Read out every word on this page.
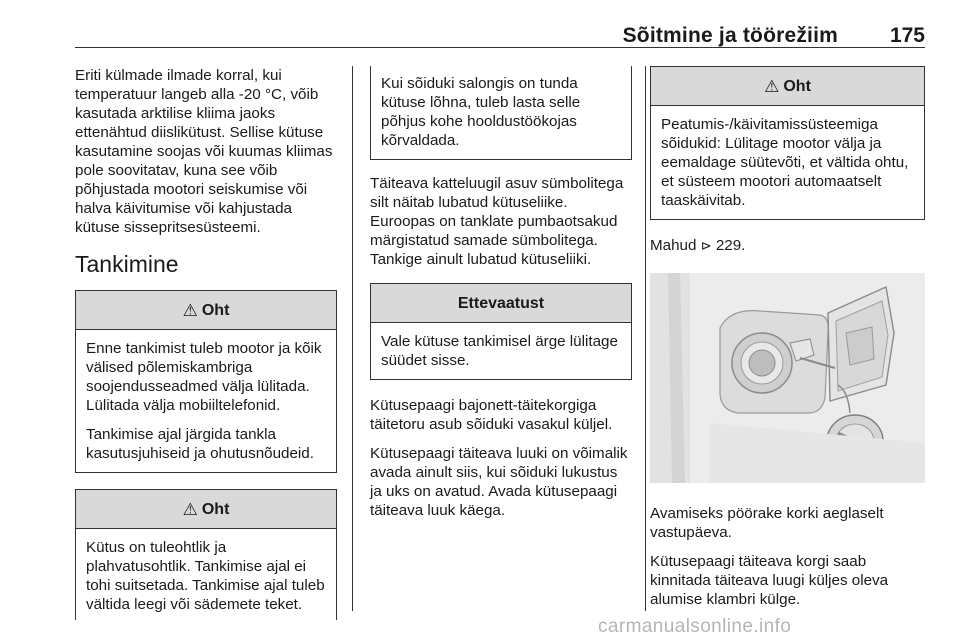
Sõitmine ja töörežiim 175

Eriti külmade ilmade korral, kui temperatuur langeb alla -20 °C, võib kasutada arktilise kliima jaoks ettenähtud diislikütust. Sellise kütuse kasutamine soojas või kuumas kliimas pole soovitatav, kuna see võib põhjustada mootori seiskumise või halva käivitumise või kahjustada kütuse sissepritsesüsteemi.

Tankimine
⚠ Oht

Enne tankimist tuleb mootor ja kõik välised põlemiskambriga soojendusseadmed välja lülitada. Lülitada välja mobiiltelefonid.

Tankimise ajal järgida tankla kasutusjuhiseid ja ohutusnõudeid.

⚠ Oht

Kütus on tuleohtlik ja plahvatusohtlik. Tankimise ajal ei tohi suitsetada. Tankimise ajal tuleb vältida leegi või sädemete teket.

Kui sõiduki salongis on tunda kütuse lõhna, tuleb lasta selle põhjus kohe hooldustöökojas kõrvaldada.

Täiteava katteluugil asuv sümbolitega silt näitab lubatud kütuseliike. Euroopas on tanklate pumbaotsakud märgistatud samade sümbolitega. Tankige ainult lubatud kütuseliiki.

Ettevaatust

Vale kütuse tankimisel ärge lülitage süüdet sisse.

Kütusepaagi bajonett-täitekorgiga täitetoru asub sõiduki vasakul küljel.

Kütusepaagi täiteava luuki on võimalik avada ainult siis, kui sõiduki lukustus ja uks on avatud. Avada kütusepaagi täiteava luuk käega.

⚠ Oht

Peatumis-/käivitamissüsteemiga sõidukid: Lülitage mootor välja ja eemaldage süütevõti, et vältida ohtu, et süsteem mootori automaatselt taaskäivitab.

Mahud ⊳ 229.

Avamiseks pöörake korki aeglaselt vastupäeva.

Kütusepaagi täiteava korgi saab kinnitada täiteava luugi küljes oleva alumise klambri külge.

carmanualsonline.info
